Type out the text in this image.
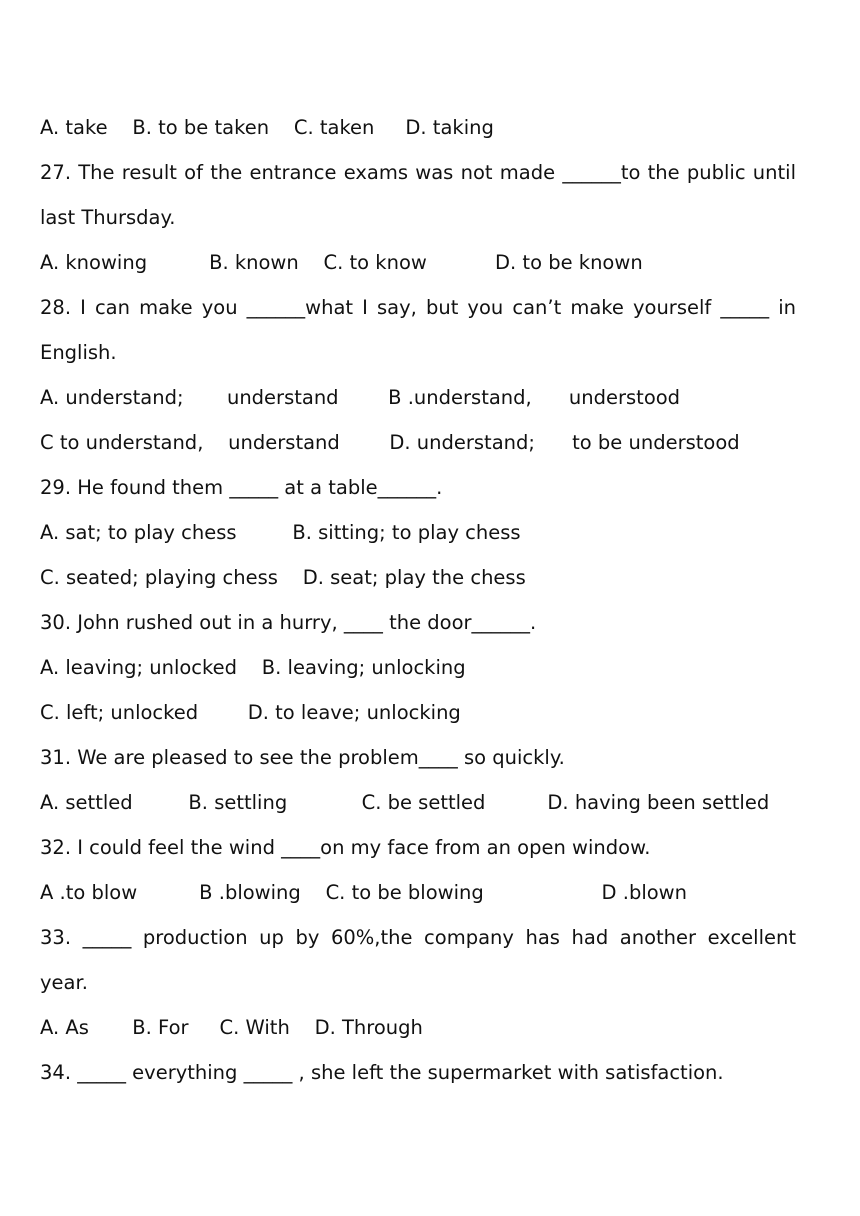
A. take    B. to be taken    C. taken     D. taking
27. The result of the entrance exams was not made ______to the public until
last Thursday.
A. knowing          B. known    C. to know           D. to be known
28. I can make you ______what I say, but you can’t make yourself _____ in
English.
A. understand;       understand        B .understand,      understood
C to understand,    understand        D. understand;      to be understood
29. He found them _____ at a table______.
A. sat; to play chess         B. sitting; to play chess
C. seated; playing chess    D. seat; play the chess
30. John rushed out in a hurry, ____ the door______.
A. leaving; unlocked    B. leaving; unlocking
C. left; unlocked        D. to leave; unlocking
31. We are pleased to see the problem____ so quickly.
A. settled         B. settling            C. be settled          D. having been settled
32. I could feel the wind ____on my face from an open window.
A .to blow          B .blowing    C. to be blowing                   D .blown
33. _____ production up by 60%,the company has had another excellent
year.
A. As       B. For     C. With    D. Through
34. _____ everything _____ , she left the supermarket with satisfaction.
